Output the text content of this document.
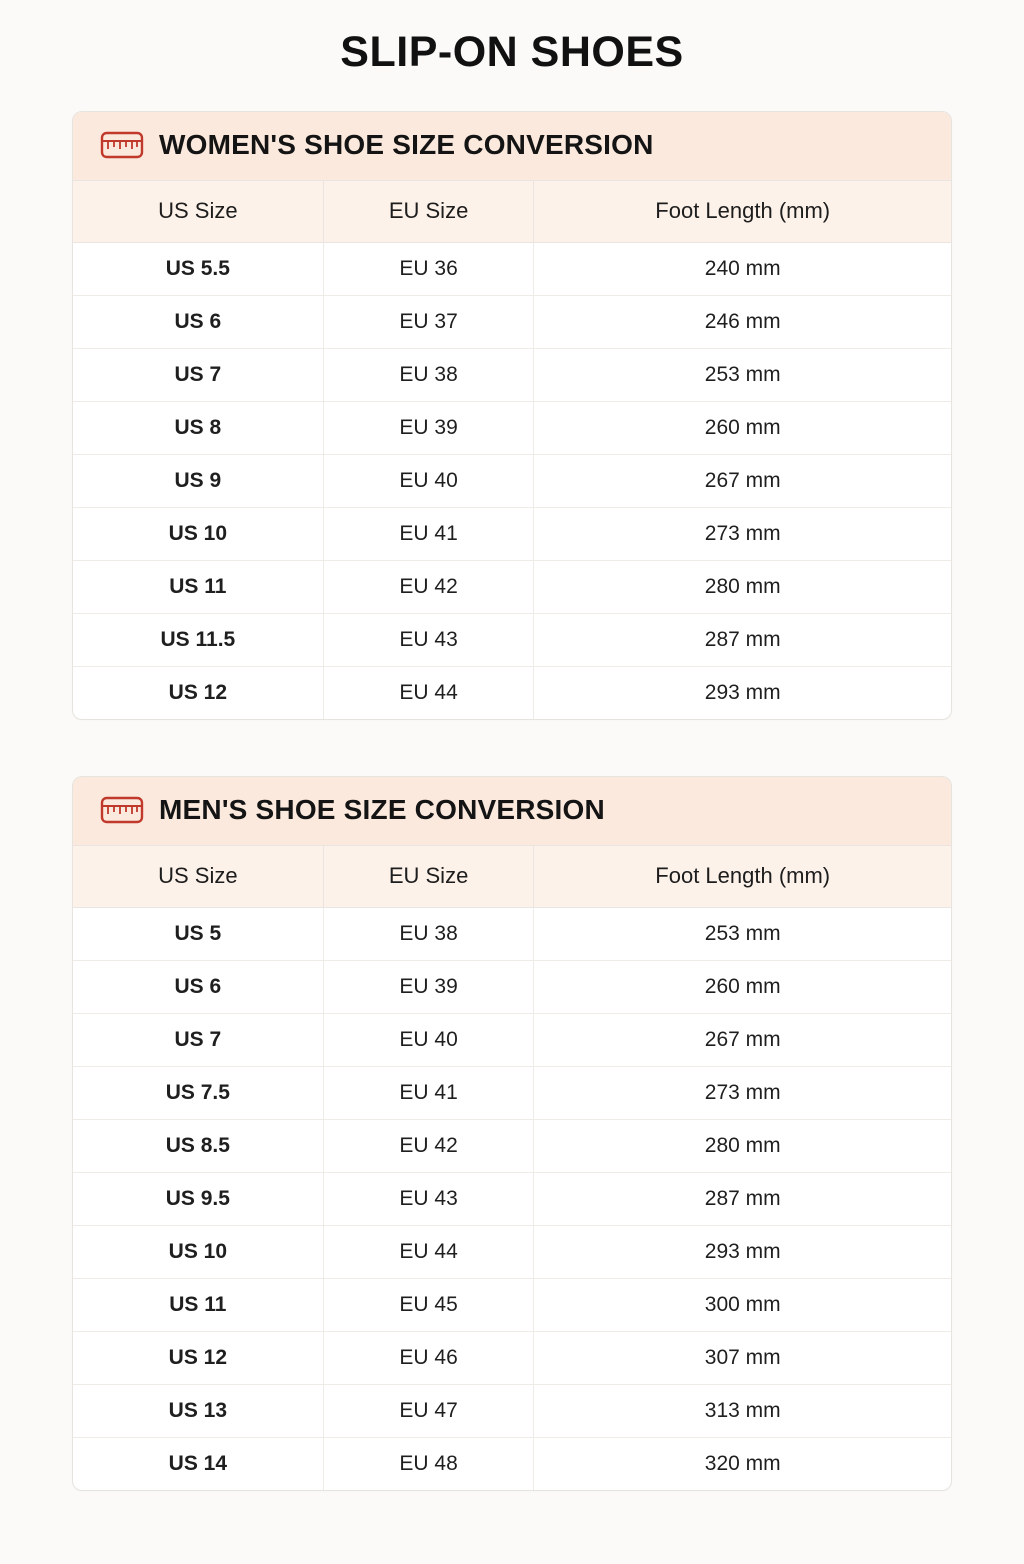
SLIP-ON SHOES
WOMEN'S SHOE SIZE CONVERSION
US Size	EU Size	Foot Length (mm)
US 5.5	EU 36	240 mm
US 6	EU 37	246 mm
US 7	EU 38	253 mm
US 8	EU 39	260 mm
US 9	EU 40	267 mm
US 10	EU 41	273 mm
US 11	EU 42	280 mm
US 11.5	EU 43	287 mm
US 12	EU 44	293 mm
MEN'S SHOE SIZE CONVERSION
US Size	EU Size	Foot Length (mm)
US 5	EU 38	253 mm
US 6	EU 39	260 mm
US 7	EU 40	267 mm
US 7.5	EU 41	273 mm
US 8.5	EU 42	280 mm
US 9.5	EU 43	287 mm
US 10	EU 44	293 mm
US 11	EU 45	300 mm
US 12	EU 46	307 mm
US 13	EU 47	313 mm
US 14	EU 48	320 mm
